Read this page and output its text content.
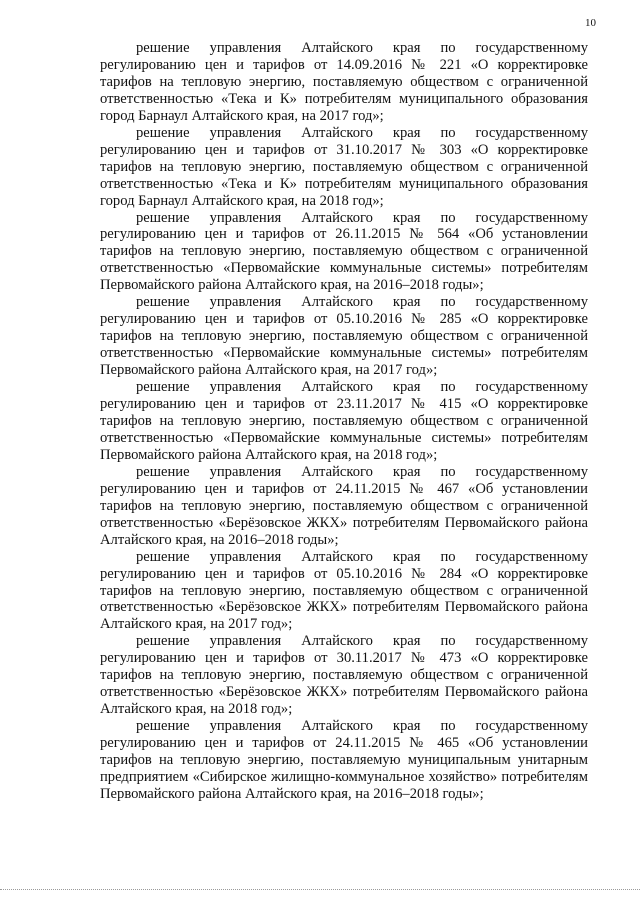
10

решение управления Алтайского края по государственному регулированию цен и тарифов от 14.09.2016 № 221 «О корректировке тарифов на тепловую энергию, поставляемую обществом с ограниченной ответственностью «Тека и К» потребителям муниципального образования город Барнаул Алтайского края, на 2017 год»;

решение управления Алтайского края по государственному регулированию цен и тарифов от 31.10.2017 № 303 «О корректировке тарифов на тепловую энергию, поставляемую обществом с ограниченной ответственностью «Тека и К» потребителям муниципального образования город Барнаул Алтайского края, на 2018 год»;

решение управления Алтайского края по государственному регулированию цен и тарифов от 26.11.2015 № 564 «Об установлении тарифов на тепловую энергию, поставляемую обществом с ограниченной ответственностью «Первомайские коммунальные системы» потребителям Первомайского района Алтайского края, на 2016–2018 годы»;

решение управления Алтайского края по государственному регулированию цен и тарифов от 05.10.2016 № 285 «О корректировке тарифов на тепловую энергию, поставляемую обществом с ограниченной ответственностью «Первомайские коммунальные системы» потребителям Первомайского района Алтайского края, на 2017 год»;

решение управления Алтайского края по государственному регулированию цен и тарифов от 23.11.2017 № 415 «О корректировке тарифов на тепловую энергию, поставляемую обществом с ограниченной ответственностью «Первомайские коммунальные системы» потребителям Первомайского района Алтайского края, на 2018 год»;

решение управления Алтайского края по государственному регулированию цен и тарифов от 24.11.2015 № 467 «Об установлении тарифов на тепловую энергию, поставляемую обществом с ограниченной ответственностью «Берёзовское ЖКХ» потребителям Первомайского района Алтайского края, на 2016–2018 годы»;

решение управления Алтайского края по государственному регулированию цен и тарифов от 05.10.2016 № 284 «О корректировке тарифов на тепловую энергию, поставляемую обществом с ограниченной ответственностью «Берёзовское ЖКХ» потребителям Первомайского района Алтайского края, на 2017 год»;

решение управления Алтайского края по государственному регулированию цен и тарифов от 30.11.2017 № 473 «О корректировке тарифов на тепловую энергию, поставляемую обществом с ограниченной ответственностью «Берёзовское ЖКХ» потребителям Первомайского района Алтайского края, на 2018 год»;

решение управления Алтайского края по государственному регулированию цен и тарифов от 24.11.2015 № 465 «Об установлении тарифов на тепловую энергию, поставляемую муниципальным унитарным предприятием «Сибирское жилищно-коммунальное хозяйство» потребителям Первомайского района Алтайского края, на 2016–2018 годы»;
